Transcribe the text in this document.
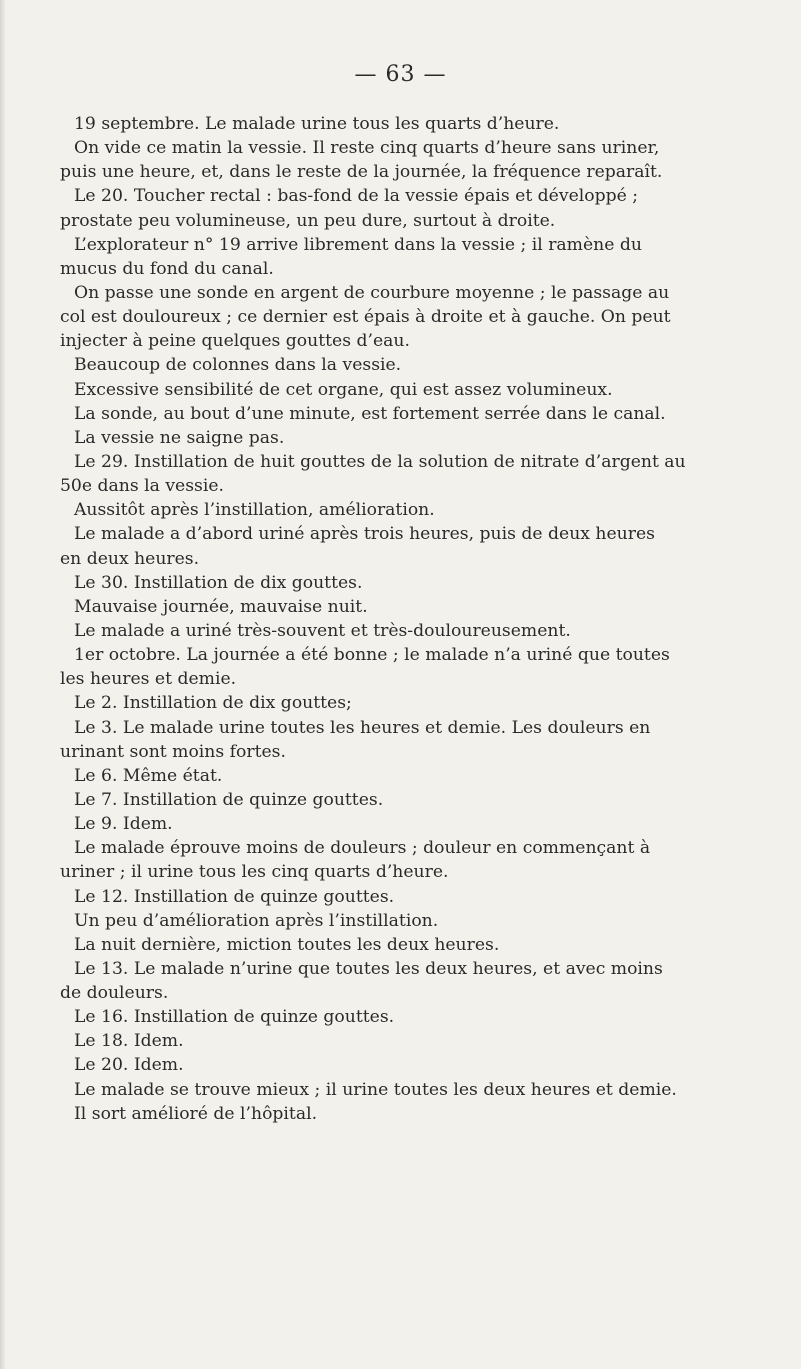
— 63 —
19 septembre. Le malade urine tous les quarts d’heure.
On vide ce matin la vessie. Il reste cinq quarts d’heure sans uriner,
puis une heure, et, dans le reste de la journée, la fréquence reparaît.
Le 20. Toucher rectal : bas-fond de la vessie épais et développé ;
prostate peu volumineuse, un peu dure, surtout à droite.
L’explorateur n° 19 arrive librement dans la vessie ; il ramène du
mucus du fond du canal.
On passe une sonde en argent de courbure moyenne ; le passage au
col est douloureux ; ce dernier est épais à droite et à gauche. On peut
injecter à peine quelques gouttes d’eau.
Beaucoup de colonnes dans la vessie.
Excessive sensibilité de cet organe, qui est assez volumineux.
La sonde, au bout d’une minute, est fortement serrée dans le canal.
La vessie ne saigne pas.
Le 29. Instillation de huit gouttes de la solution de nitrate d’argent au
50e dans la vessie.
Aussitôt après l’instillation, amélioration.
Le malade a d’abord uriné après trois heures, puis de deux heures
en deux heures.
Le 30. Instillation de dix gouttes.
Mauvaise journée, mauvaise nuit.
Le malade a uriné très-souvent et très-douloureusement.
1er octobre. La journée a été bonne ; le malade n’a uriné que toutes
les heures et demie.
Le 2. Instillation de dix gouttes;
Le 3. Le malade urine toutes les heures et demie. Les douleurs en
urinant sont moins fortes.
Le 6. Même état.
Le 7. Instillation de quinze gouttes.
Le 9. Idem.
Le malade éprouve moins de douleurs ; douleur en commençant à
uriner ; il urine tous les cinq quarts d’heure.
Le 12. Instillation de quinze gouttes.
Un peu d’amélioration après l’instillation.
La nuit dernière, miction toutes les deux heures.
Le 13. Le malade n’urine que toutes les deux heures, et avec moins
de douleurs.
Le 16. Instillation de quinze gouttes.
Le 18. Idem.
Le 20. Idem.
Le malade se trouve mieux ; il urine toutes les deux heures et demie.
Il sort amélioré de l’hôpital.
